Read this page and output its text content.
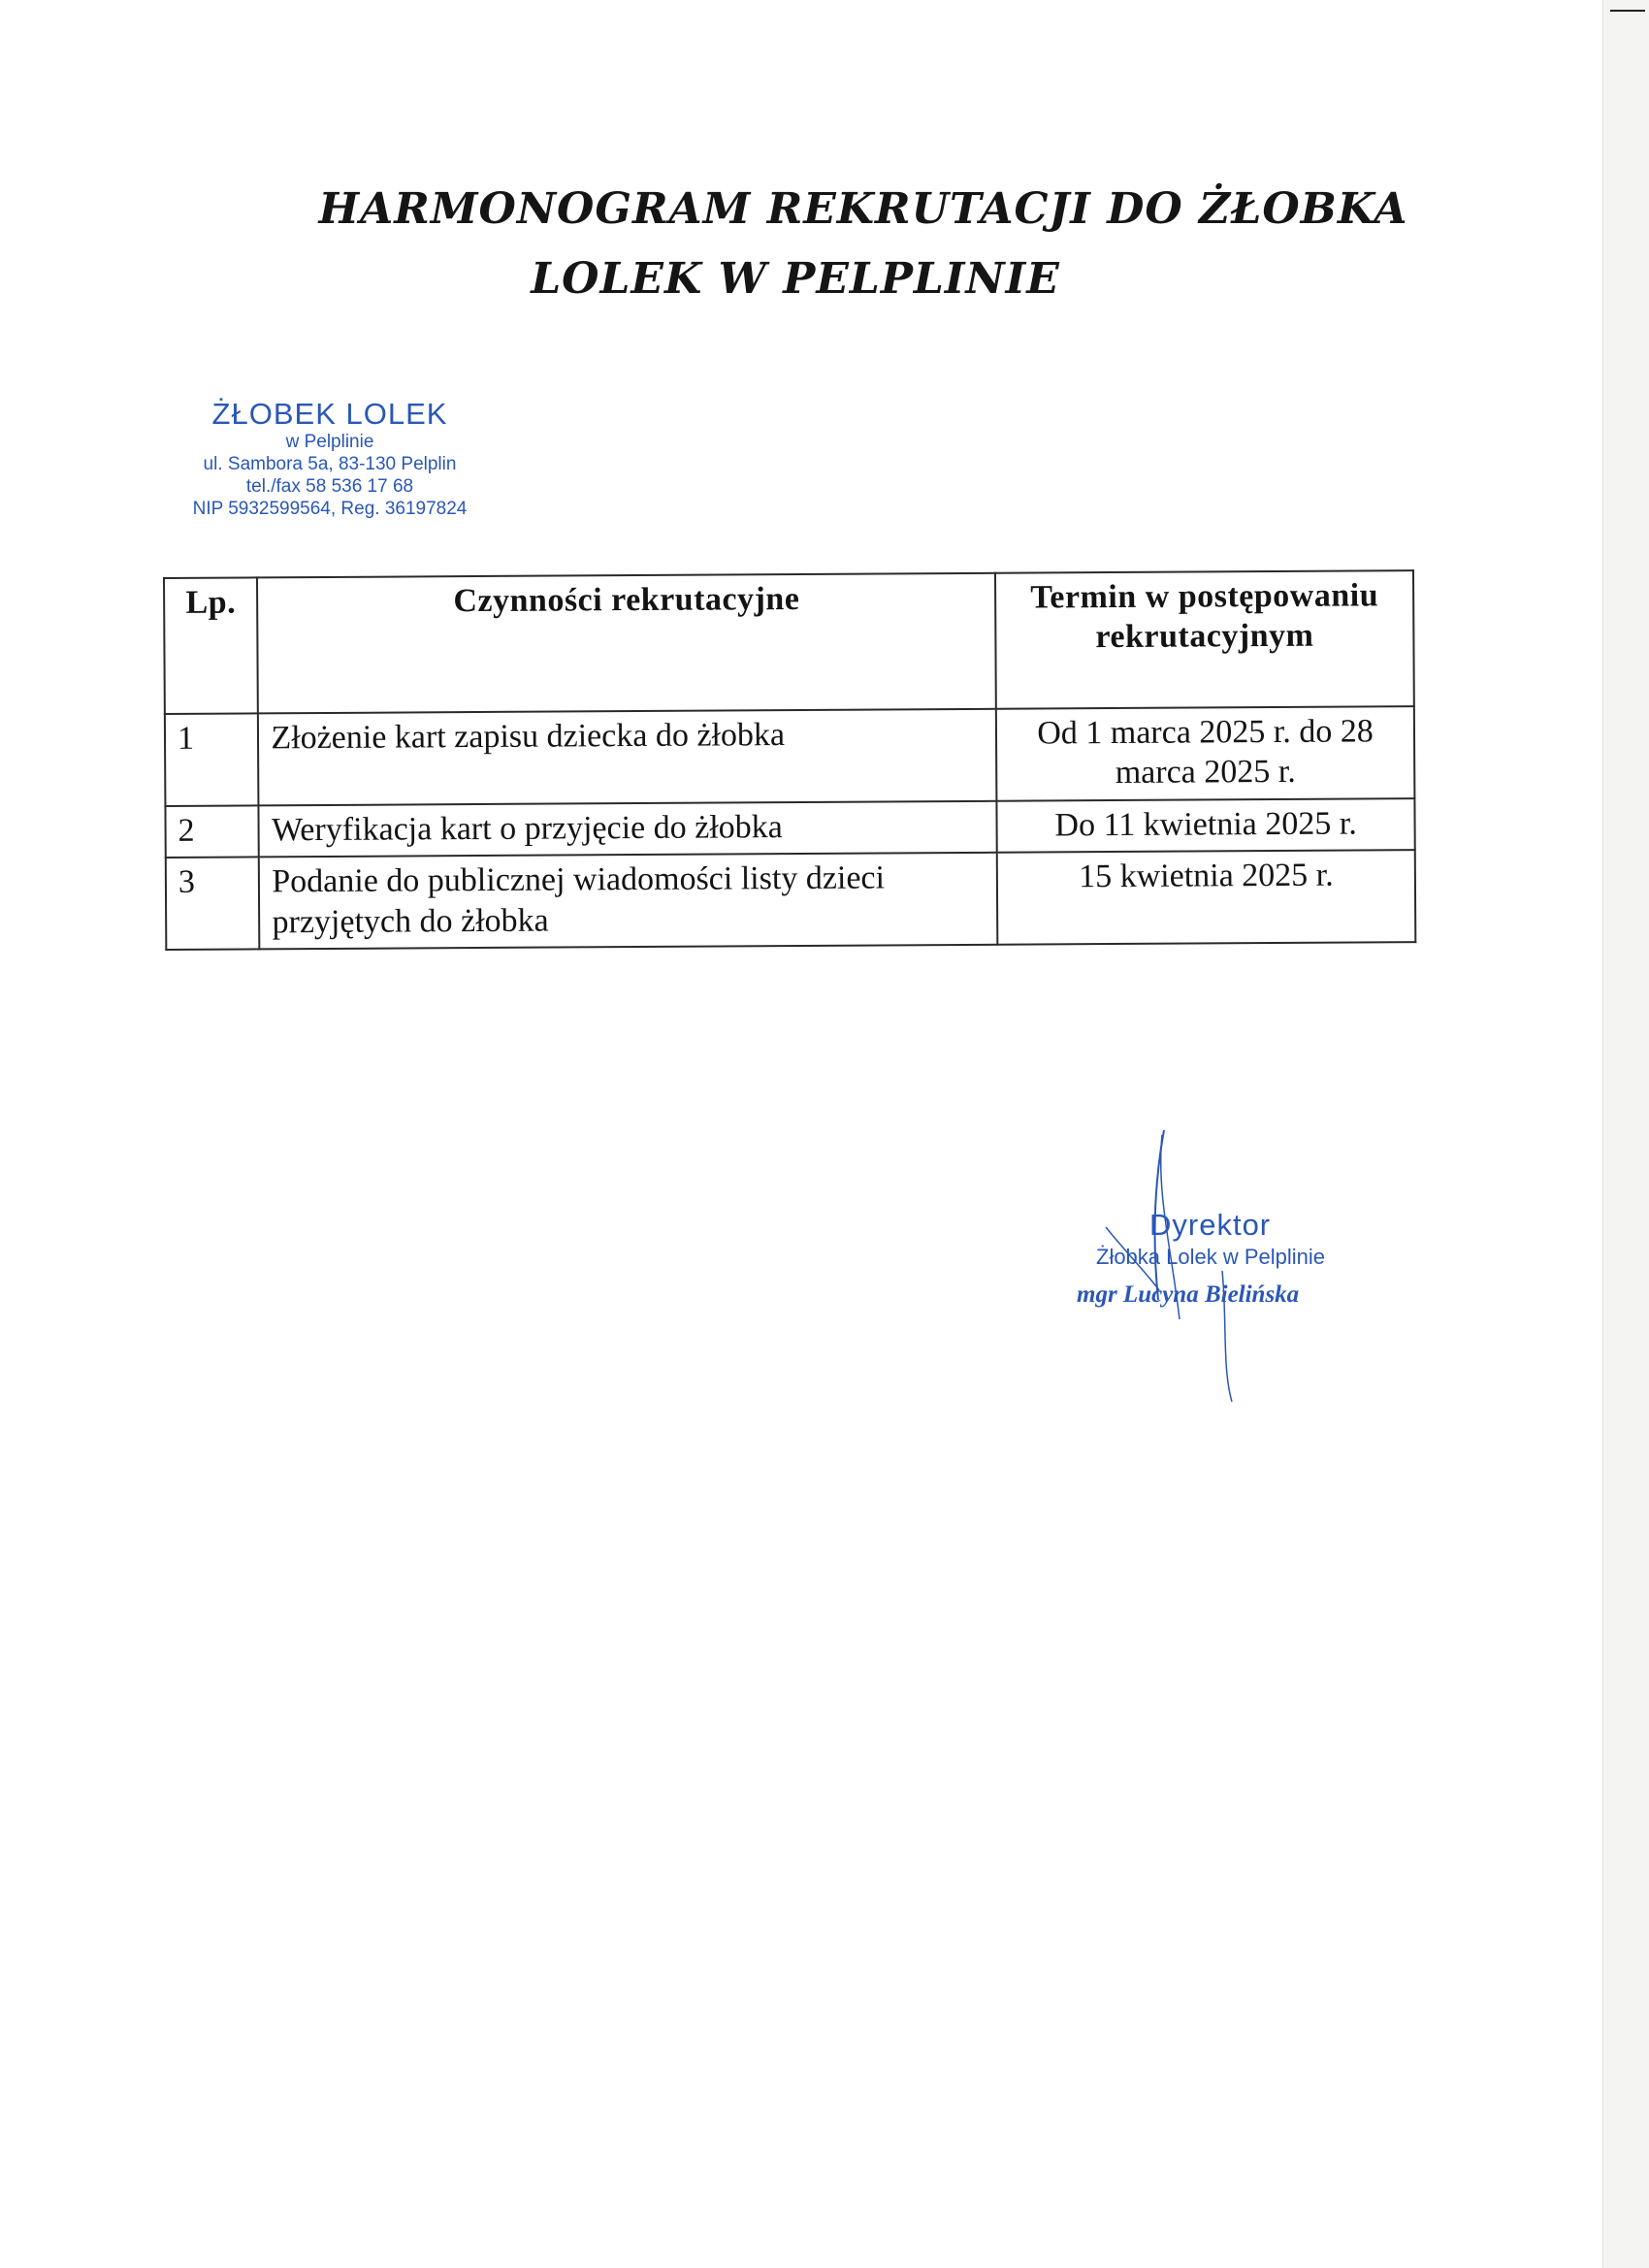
HARMONOGRAM REKRUTACJI DO ŻŁOBKA
LOLEK W PELPLINIE
ŻŁOBEK LOLEK
w Pelplinie
ul. Sambora 5a, 83-130 Pelplin
tel./fax 58 536 17 68
NIP 5932599564, Reg. 36197824
Lp.	Czynności rekrutacyjne	Termin w postępowaniu rekrutacyjnym
1	Złożenie kart zapisu dziecka do żłobka	Od 1 marca 2025 r. do 28 marca 2025 r.
2	Weryfikacja kart o przyjęcie do żłobka	Do 11 kwietnia 2025 r.
3	Podanie do publicznej wiadomości listy dzieci przyjętych do żłobka	15 kwietnia 2025 r.
Dyrektor
Żłobka Lolek w Pelplinie
mgr Lucyna Bielińska
